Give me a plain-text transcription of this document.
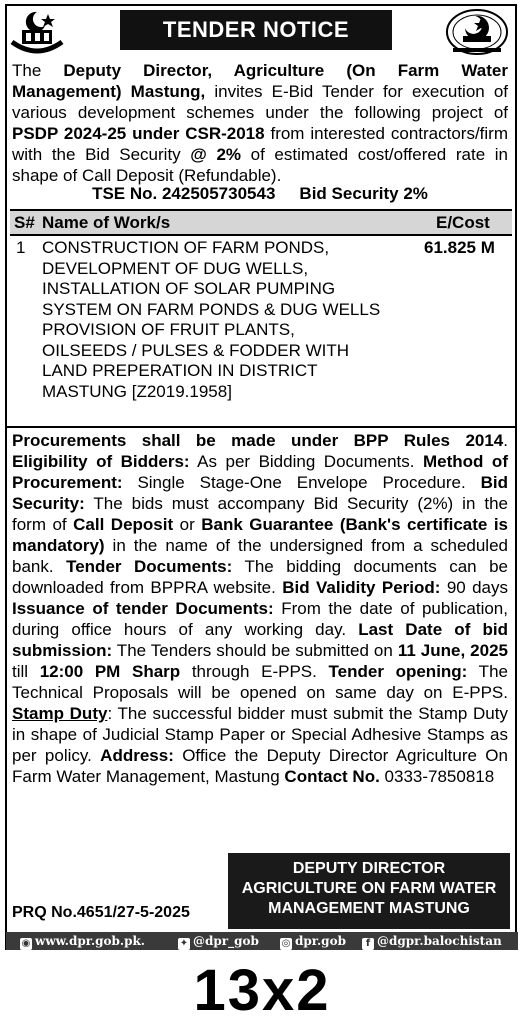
TENDER NOTICE
The Deputy Director, Agriculture (On Farm Water Management) Mastung, invites E-Bid Tender for execution of various development schemes under the following project of PSDP 2024-25 under CSR-2018 from interested contractors/firm with the Bid Security @ 2% of estimated cost/offered rate in shape of Call Deposit (Refundable).
TSE No. 242505730543 Bid Security 2%
S# Name of Work/s	E/Cost
1 CONSTRUCTION OF FARM PONDS, DEVELOPMENT OF DUG WELLS, INSTALLATION OF SOLAR PUMPING SYSTEM ON FARM PONDS & DUG WELLS PROVISION OF FRUIT PLANTS, OILSEEDS / PULSES & FODDER WITH LAND PREPERATION IN DISTRICT MASTUNG [Z2019.1958]
61.825 M
Procurements shall be made under BPP Rules 2014. Eligibility of Bidders: As per Bidding Documents. Method of Procurement: Single Stage-One Envelope Procedure. Bid Security: The bids must accompany Bid Security (2%) in the form of Call Deposit or Bank Guarantee (Bank's certificate is mandatory) in the name of the undersigned from a scheduled bank. Tender Documents: The bidding documents can be downloaded from BPPRA website. Bid Validity Period: 90 days Issuance of tender Documents: From the date of publication, during office hours of any working day. Last Date of bid submission: The Tenders should be submitted on 11 June, 2025 till 12:00 PM Sharp through E-PPS. Tender opening: The Technical Proposals will be opened on same day on E-PPS. Stamp Duty: The successful bidder must submit the Stamp Duty in shape of Judicial Stamp Paper or Special Adhesive Stamps as per policy. Address: Office the Deputy Director Agriculture On Farm Water Management, Mastung Contact No. 0333-7850818
DEPUTY DIRECTOR
AGRICULTURE ON FARM WATER
MANAGEMENT MASTUNG
PRQ No.4651/27-5-2025
◉ www.dpr.gob.pk.	✦ @dpr_gob ◎ dpr.gob	f @dgpr.balochistan
13x2
